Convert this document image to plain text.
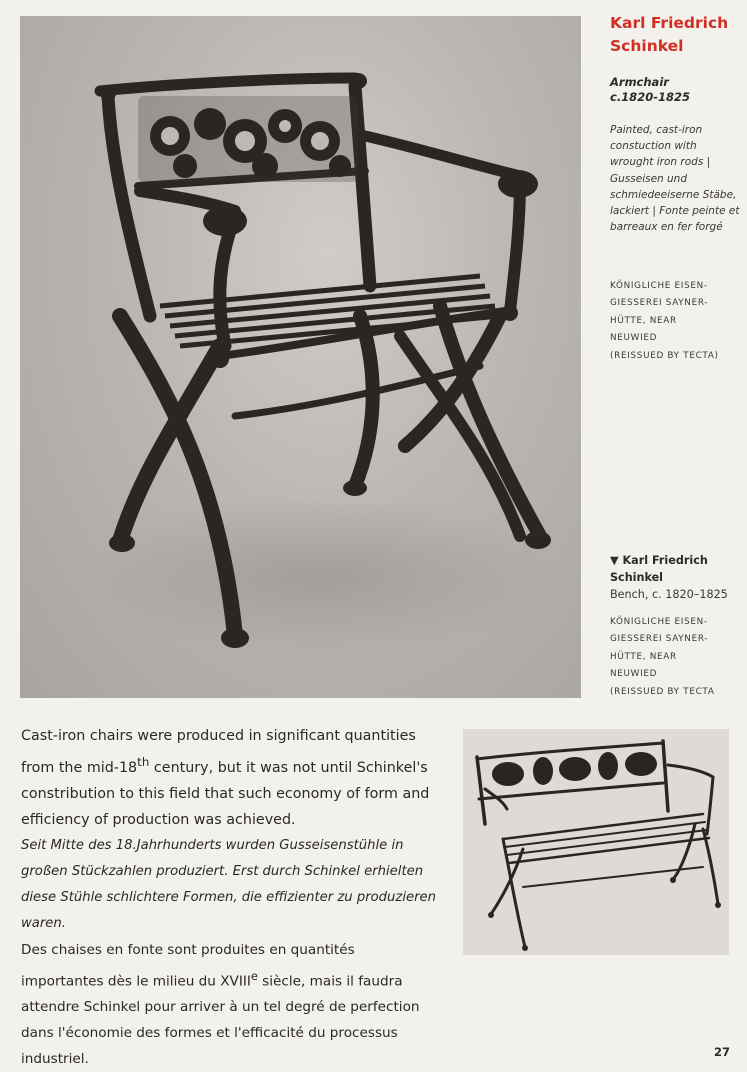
Karl Friedrich Schinkel
Armchair
c.1820-1825
Painted, cast-iron constuction with wrought iron rods | Gusseisen und schmiedeeiserne Stäbe, lackiert | Fonte peinte et barreaux en fer forgé
KÖNIGLICHE EISEN-
GIESSEREI SAYNER-
HÜTTE, NEAR
NEUWIED
(REISSUED BY TECTA)
▼ Karl Friedrich
Schinkel
Bench, c. 1820–1825
KÖNIGLICHE EISEN-
GIESSEREI SAYNER-
HÜTTE, NEAR
NEUWIED
(REISSUED BY TECTA

Cast-iron chairs were produced in significant quantities from the mid-18th century, but it was not until Schinkel's constribution to this field that such economy of form and efficiency of production was achieved.

Seit Mitte des 18.Jahrhunderts wurden Gusseisenstühle in großen Stückzahlen produziert. Erst durch Schinkel erhielten diese Stühle schlichtere Formen, die effizienter zu produzieren waren.

Des chaises en fonte sont produites en quantités importantes dès le milieu du XVIIIe siècle, mais il faudra attendre Schinkel pour arriver à un tel degré de perfection dans l'économie des formes et l'efficacité du processus industriel.	27
